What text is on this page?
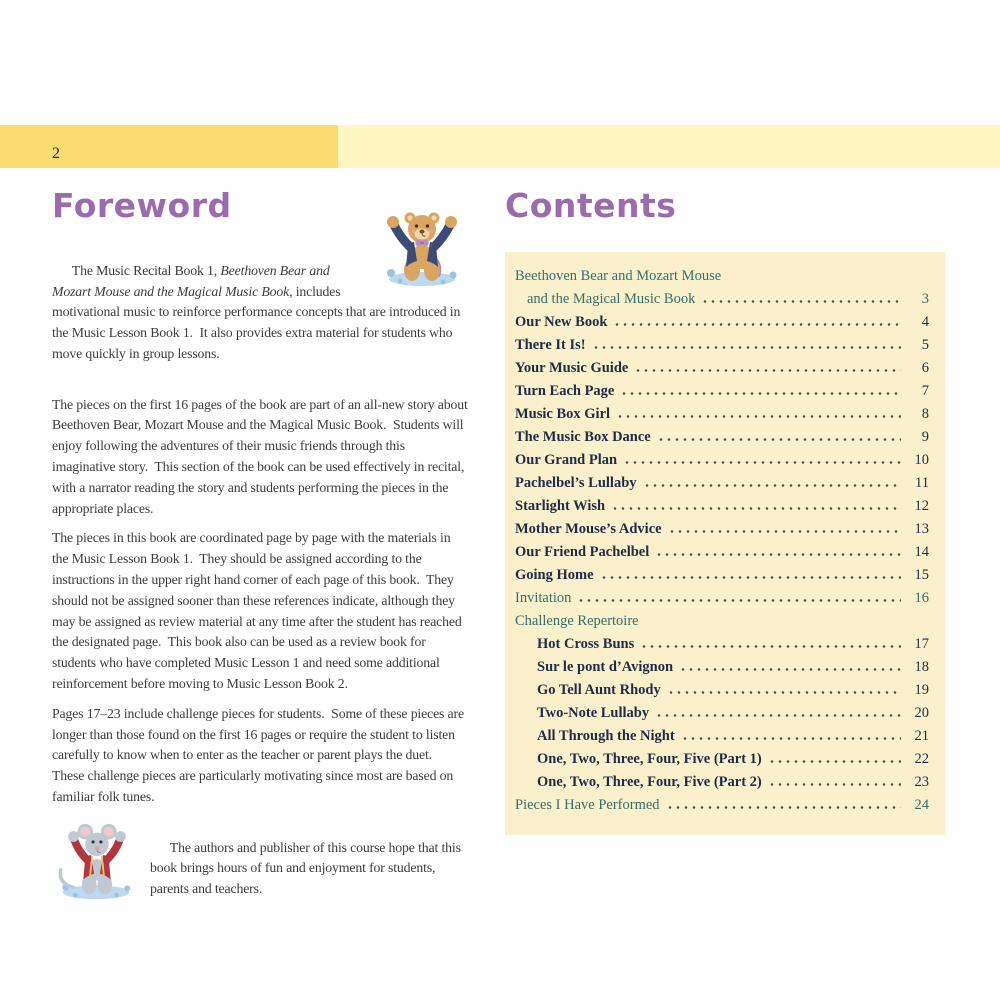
2
Foreword

The Music Recital Book 1, Beethoven Bear and Mozart Mouse and the Magical Music Book, includes motivational music to reinforce performance concepts that are introduced in the Music Lesson Book 1.  It also provides extra material for students who move quickly in group lessons.

The pieces on the first 16 pages of the book are part of an all-new story about Beethoven Bear, Mozart Mouse and the Magical Music Book.  Students will enjoy following the adventures of their music friends through this imaginative story.  This section of the book can be used effectively in recital, with a narrator reading the story and students performing the pieces in the appropriate places.

The pieces in this book are coordinated page by page with the materials in the Music Lesson Book 1.  They should be assigned according to the instructions in the upper right hand corner of each page of this book.  They should not be assigned sooner than these references indicate, although they may be assigned as review material at any time after the student has reached the designated page.  This book also can be used as a review book for students who have completed Music Lesson 1 and need some additional reinforcement before moving to Music Lesson Book 2.

Pages 17–23 include challenge pieces for students.  Some of these pieces are longer than those found on the first 16 pages or require the student to listen carefully to know when to enter as the teacher or parent plays the duet.  These challenge pieces are particularly motivating since most are based on familiar folk tunes.

The authors and publisher of this course hope that this book brings hours of fun and enjoyment for students, parents and teachers.

Contents
Beethoven Bear and Mozart Mouse
and the Magical Music Book	3
Our New Book	4
There It Is!	5
Your Music Guide	6
Turn Each Page	7
Music Box Girl	8
The Music Box Dance	9
Our Grand Plan	10
Pachelbel’s Lullaby	11
Starlight Wish	12
Mother Mouse’s Advice	13
Our Friend Pachelbel	14
Going Home	15
Invitation	16
Challenge Repertoire
Hot Cross Buns	17
Sur le pont d’Avignon	18
Go Tell Aunt Rhody	19
Two-Note Lullaby	20
All Through the Night	21
One, Two, Three, Four, Five (Part 1)	22
One, Two, Three, Four, Five (Part 2)	23
Pieces I Have Performed	24
